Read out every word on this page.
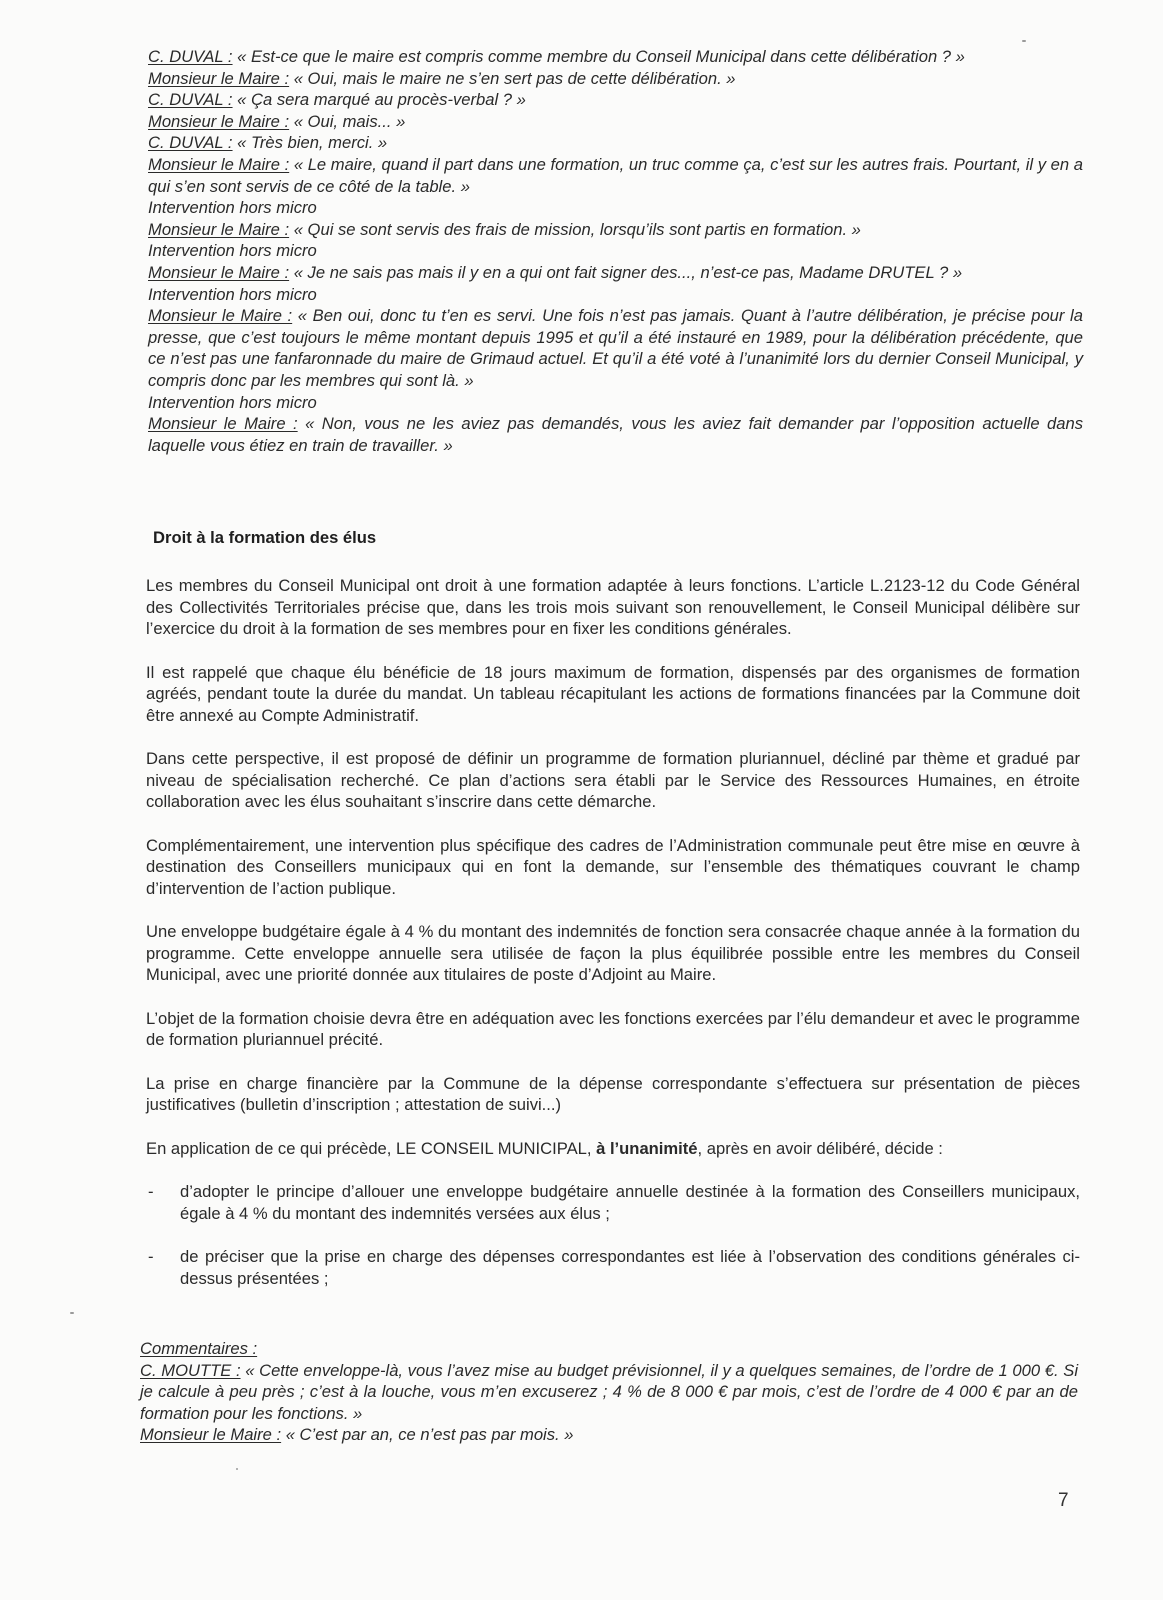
C. DUVAL : « Est-ce que le maire est compris comme membre du Conseil Municipal dans cette délibération ? »

Monsieur le Maire : « Oui, mais le maire ne s’en sert pas de cette délibération. »

C. DUVAL : « Ça sera marqué au procès-verbal ? »

Monsieur le Maire : « Oui, mais... »

C. DUVAL : « Très bien, merci. »

Monsieur le Maire : « Le maire, quand il part dans une formation, un truc comme ça, c’est sur les autres frais. Pourtant, il y en a qui s’en sont servis de ce côté de la table. »

Intervention hors micro

Monsieur le Maire : « Qui se sont servis des frais de mission, lorsqu’ils sont partis en formation. »

Intervention hors micro

Monsieur le Maire : « Je ne sais pas mais il y en a qui ont fait signer des..., n’est-ce pas, Madame DRUTEL ? »

Intervention hors micro

Monsieur le Maire : « Ben oui, donc tu t’en es servi. Une fois n’est pas jamais. Quant à l’autre délibération, je précise pour la presse, que c’est toujours le même montant depuis 1995 et qu’il a été instauré en 1989, pour la délibération précédente, que ce n’est pas une fanfaronnade du maire de Grimaud actuel. Et qu’il a été voté à l’unanimité lors du dernier Conseil Municipal, y compris donc par les membres qui sont là. »

Intervention hors micro

Monsieur le Maire : « Non, vous ne les aviez pas demandés, vous les aviez fait demander par l’opposition actuelle dans laquelle vous étiez en train de travailler. »

Droit à la formation des élus

Les membres du Conseil Municipal ont droit à une formation adaptée à leurs fonctions. L’article L.2123-12 du Code Général des Collectivités Territoriales précise que, dans les trois mois suivant son renouvellement, le Conseil Municipal délibère sur l’exercice du droit à la formation de ses membres pour en fixer les conditions générales.

Il est rappelé que chaque élu bénéficie de 18 jours maximum de formation, dispensés par des organismes de formation agréés, pendant toute la durée du mandat. Un tableau récapitulant les actions de formations financées par la Commune doit être annexé au Compte Administratif.

Dans cette perspective, il est proposé de définir un programme de formation pluriannuel, décliné par thème et gradué par niveau de spécialisation recherché. Ce plan d’actions sera établi par le Service des Ressources Humaines, en étroite collaboration avec les élus souhaitant s’inscrire dans cette démarche.

Complémentairement, une intervention plus spécifique des cadres de l’Administration communale peut être mise en œuvre à destination des Conseillers municipaux qui en font la demande, sur l’ensemble des thématiques couvrant le champ d’intervention de l’action publique.

Une enveloppe budgétaire égale à 4 % du montant des indemnités de fonction sera consacrée chaque année à la formation du programme. Cette enveloppe annuelle sera utilisée de façon la plus équilibrée possible entre les membres du Conseil Municipal, avec une priorité donnée aux titulaires de poste d’Adjoint au Maire.

L’objet de la formation choisie devra être en adéquation avec les fonctions exercées par l’élu demandeur et avec le programme de formation pluriannuel précité.

La prise en charge financière par la Commune de la dépense correspondante s’effectuera sur présentation de pièces justificatives (bulletin d’inscription ; attestation de suivi...)

En application de ce qui précède, LE CONSEIL MUNICIPAL, à l’unanimité, après en avoir délibéré, décide :

- d’adopter le principe d’allouer une enveloppe budgétaire annuelle destinée à la formation des Conseillers municipaux, égale à 4 % du montant des indemnités versées aux élus ;
- de préciser que la prise en charge des dépenses correspondantes est liée à l’observation des conditions générales ci-dessus présentées ;

Commentaires :

C. MOUTTE : « Cette enveloppe-là, vous l’avez mise au budget prévisionnel, il y a quelques semaines, de l’ordre de 1 000 €. Si je calcule à peu près ; c’est à la louche, vous m’en excuserez ; 4 % de 8 000 € par mois, c’est de l’ordre de 4 000 € par an de formation pour les fonctions. »

Monsieur le Maire : « C’est par an, ce n’est pas par mois. »

7
